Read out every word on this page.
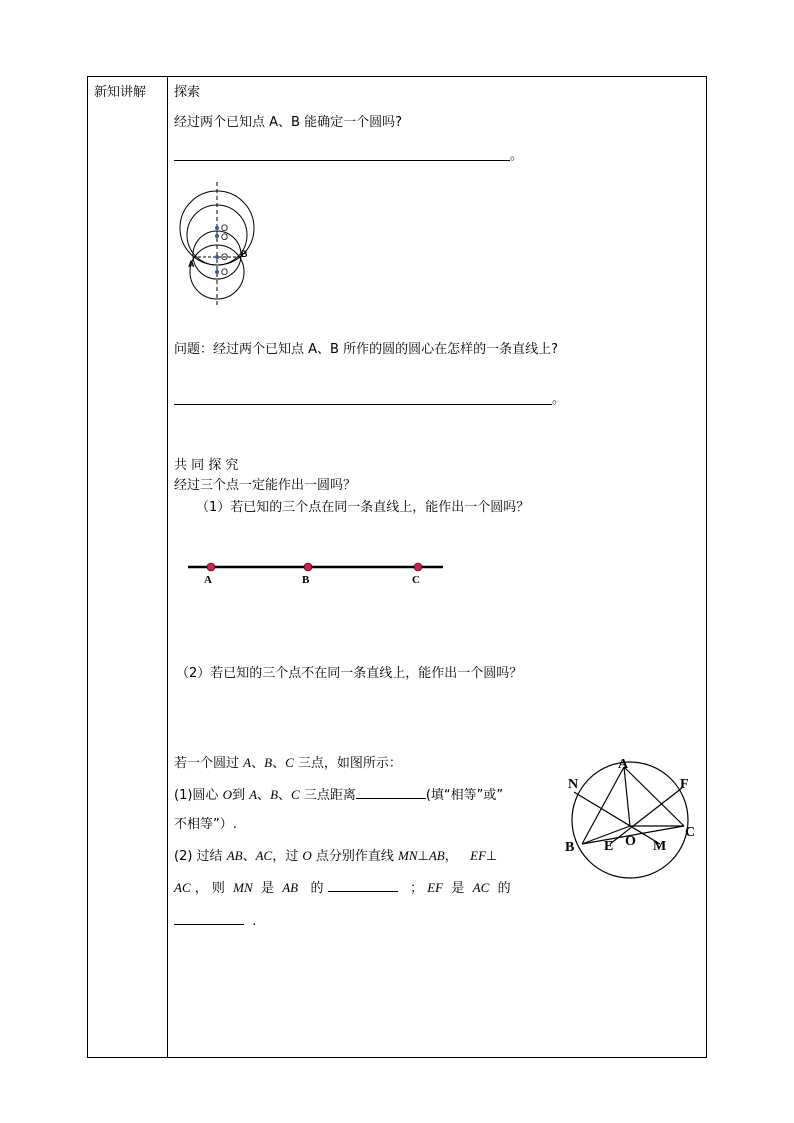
新知讲解 探索
经过两个已知点 A、B 能确定一个圆吗?
。
O
O
O
O
A
B
问题：经过两个已知点 A、B 所作的圆的圆心在怎样的一条直线上?
。
共 同 探 究
经过三个点一定能作出一圆吗？
（1）若已知的三个点在同一条直线上，能作出一个圆吗？
A	B	C
（2）若已知的三个点不在同一条直线上，能作出一个圆吗？
若一个圆过 A、B、C 三点，如图所示：
(1)圆心 O到 A、B、C 三点距离	(填“相等”或”
不相等”）.
(2) 过结 AB、AC，过 O 点分别作直线 MN⊥AB， EF⊥
AC ， 则 MN 是 AB 的	； EF 是 AC 的
.
A
N	F
B
C
E O M
